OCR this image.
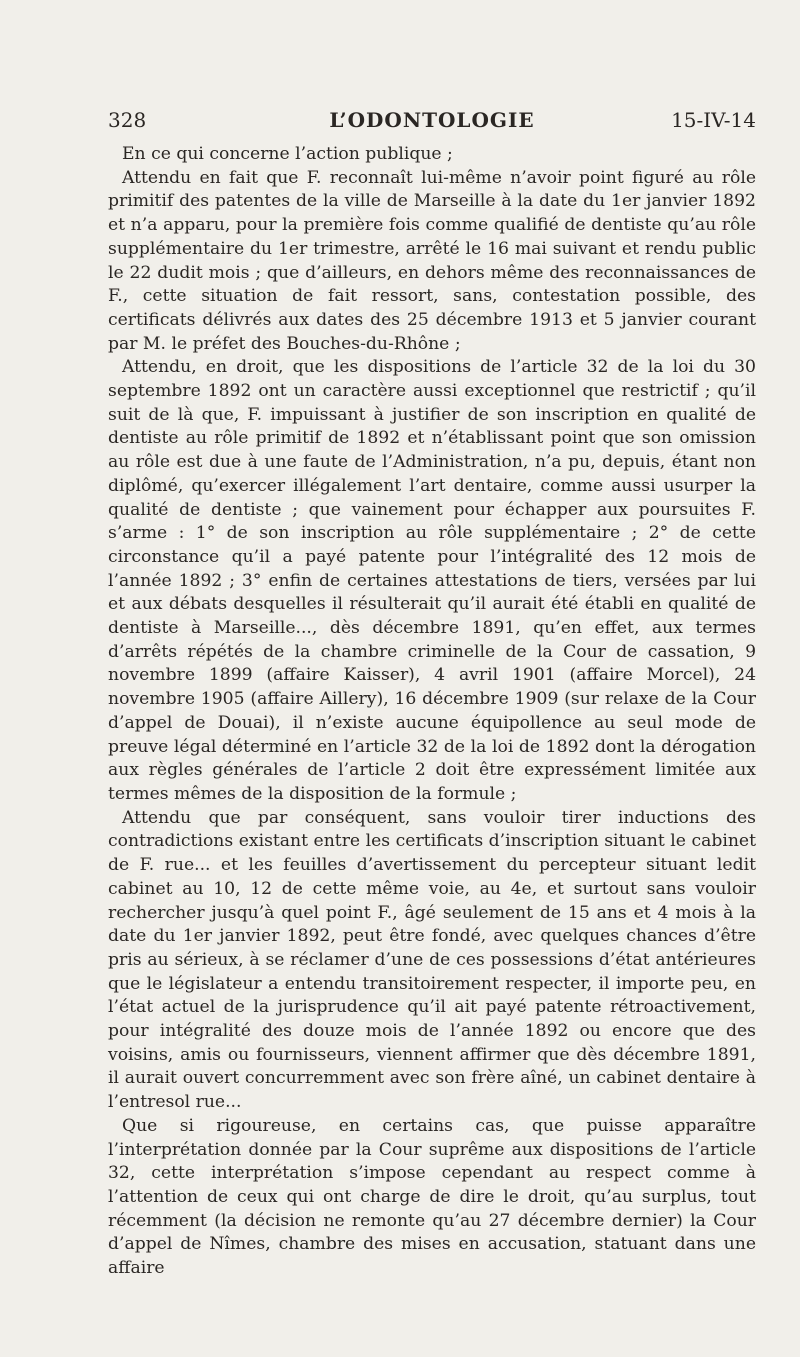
328	L’ODONTOLOGIE	15-IV-14

En ce qui concerne l’action publique ;

Attendu en fait que F. reconnaît lui-même n’avoir point figuré au rôle primitif des patentes de la ville de Marseille à la date du 1er janvier 1892 et n’a apparu, pour la première fois comme qualifié de dentiste qu’au rôle supplémentaire du 1er trimestre, arrêté le 16 mai suivant et rendu public le 22 dudit mois ; que d’ailleurs, en dehors même des reconnaissances de F., cette situation de fait ressort, sans, contestation possible, des certificats délivrés aux dates des 25 décembre 1913 et 5 janvier courant par M. le préfet des Bouches-du-Rhône ;

Attendu, en droit, que les dispositions de l’article 32 de la loi du 30 septembre 1892 ont un caractère aussi exceptionnel que restrictif ; qu’il suit de là que, F. impuissant à justifier de son inscription en qualité de dentiste au rôle primitif de 1892 et n’établissant point que son omission au rôle est due à une faute de l’Administration, n’a pu, depuis, étant non diplômé, qu’exercer illégalement l’art dentaire, comme aussi usurper la qualité de dentiste ; que vainement pour échapper aux poursuites F. s’arme : 1° de son inscription au rôle supplémentaire ; 2° de cette circonstance qu’il a payé patente pour l’intégralité des 12 mois de l’année 1892 ; 3° enfin de certaines attestations de tiers, versées par lui et aux débats desquelles il résulterait qu’il aurait été établi en qualité de dentiste à Marseille..., dès décembre 1891, qu’en effet, aux termes d’arrêts répétés de la chambre criminelle de la Cour de cassation, 9 novembre 1899 (affaire Kaisser), 4 avril 1901 (affaire Morcel), 24 novembre 1905 (affaire Aillery), 16 décembre 1909 (sur relaxe de la Cour d’appel de Douai), il n’existe aucune équipollence au seul mode de preuve légal déterminé en l’article 32 de la loi de 1892 dont la dérogation aux règles générales de l’article 2 doit être expressément limitée aux termes mêmes de la disposition de la formule ;

Attendu que par conséquent, sans vouloir tirer inductions des contradictions existant entre les certificats d’inscription situant le cabinet de F. rue... et les feuilles d’avertissement du percepteur situant ledit cabinet au 10, 12 de cette même voie, au 4e, et surtout sans vouloir rechercher jusqu’à quel point F., âgé seulement de 15 ans et 4 mois à la date du 1er janvier 1892, peut être fondé, avec quelques chances d’être pris au sérieux, à se réclamer d’une de ces possessions d’état antérieures que le législateur a entendu transitoirement respecter, il importe peu, en l’état actuel de la jurisprudence qu’il ait payé patente rétroactivement, pour intégralité des douze mois de l’année 1892 ou encore que des voisins, amis ou fournisseurs, viennent affirmer que dès décembre 1891, il aurait ouvert concurremment avec son frère aîné, un cabinet dentaire à l’entresol rue...

Que si rigoureuse, en certains cas, que puisse apparaître l’interprétation donnée par la Cour suprême aux dispositions de l’article 32, cette interprétation s’impose cependant au respect comme à l’attention de ceux qui ont charge de dire le droit, qu’au surplus, tout récemment (la décision ne remonte qu’au 27 décembre dernier) la Cour d’appel de Nîmes, chambre des mises en accusation, statuant dans une affaire
